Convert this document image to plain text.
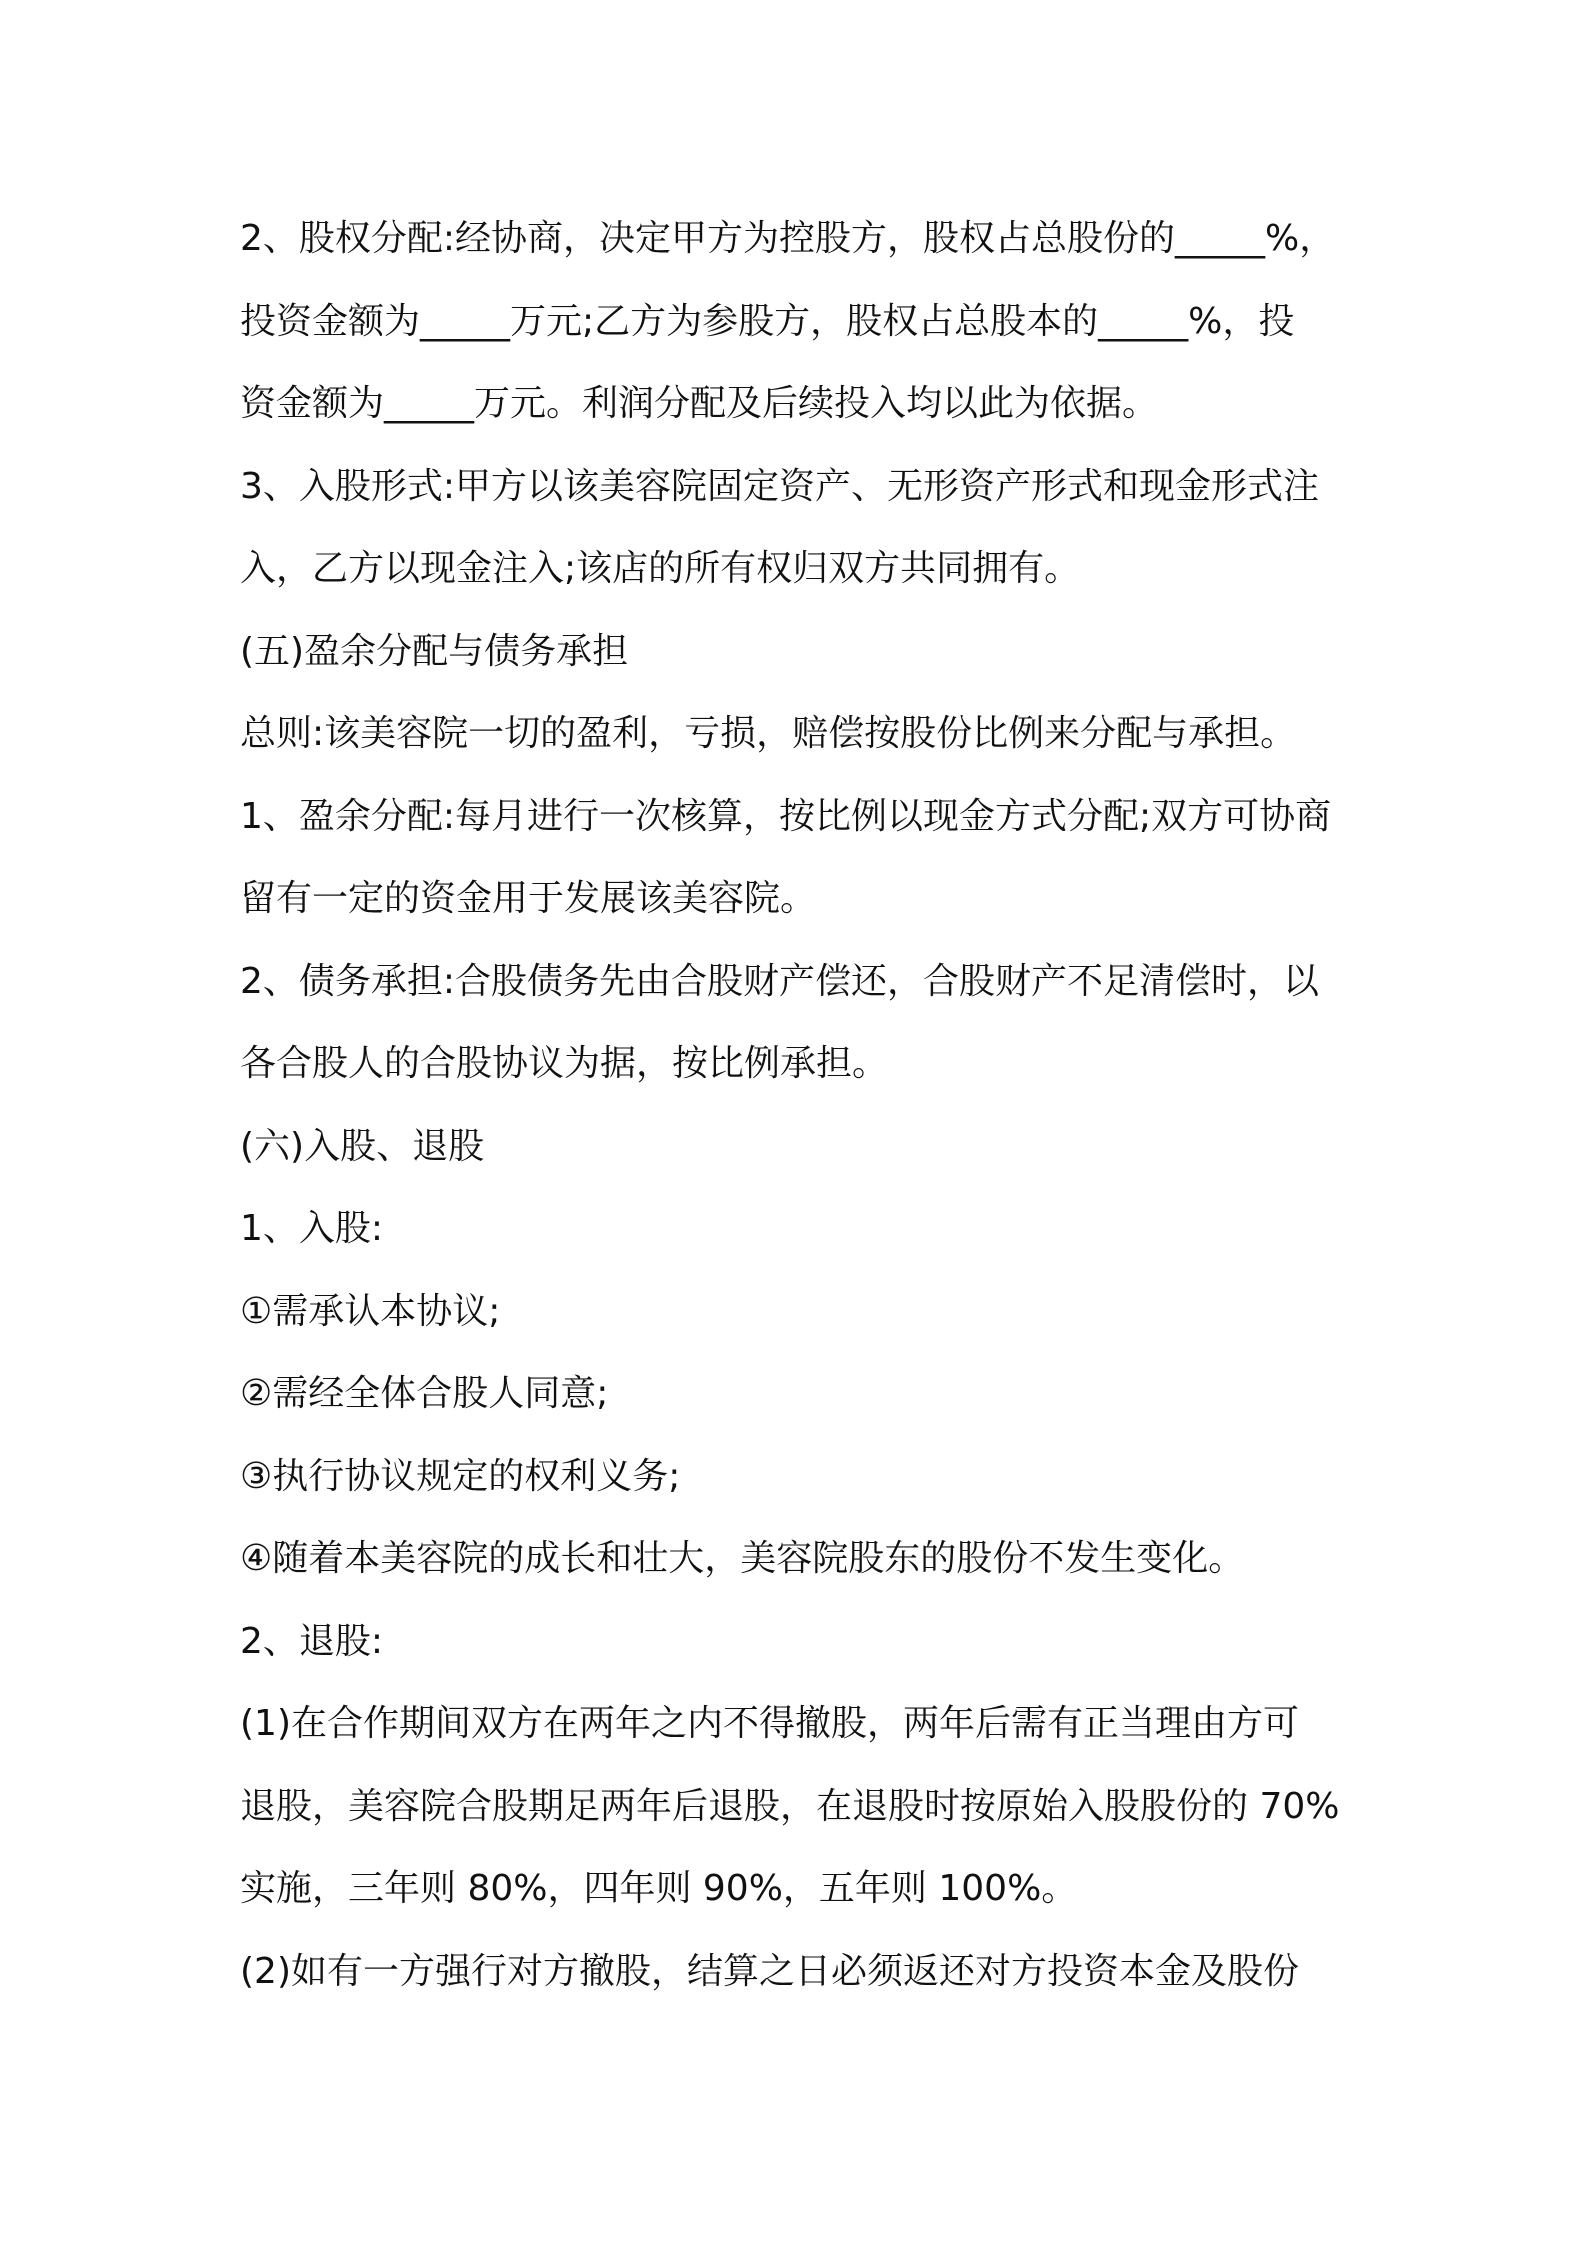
2、股权分配:经协商，决定甲方为控股方，股权占总股份的_____%，

投资金额为_____万元;乙方为参股方，股权占总股本的_____%，投

资金额为_____万元。利润分配及后续投入均以此为依据。

3、入股形式:甲方以该美容院固定资产、无形资产形式和现金形式注

入，乙方以现金注入;该店的所有权归双方共同拥有。

(五)盈余分配与债务承担

总则:该美容院一切的盈利，亏损，赔偿按股份比例来分配与承担。

1、盈余分配:每月进行一次核算，按比例以现金方式分配;双方可协商

留有一定的资金用于发展该美容院。

2、债务承担:合股债务先由合股财产偿还，合股财产不足清偿时，以

各合股人的合股协议为据，按比例承担。

(六)入股、退股

1、入股:

①需承认本协议;

②需经全体合股人同意;

③执行协议规定的权利义务;

④随着本美容院的成长和壮大，美容院股东的股份不发生变化。

2、退股:

(1)在合作期间双方在两年之内不得撤股，两年后需有正当理由方可

退股，美容院合股期足两年后退股，在退股时按原始入股股份的 70%

实施，三年则 80%，四年则 90%，五年则 100%。

(2)如有一方强行对方撤股，结算之日必须返还对方投资本金及股份
